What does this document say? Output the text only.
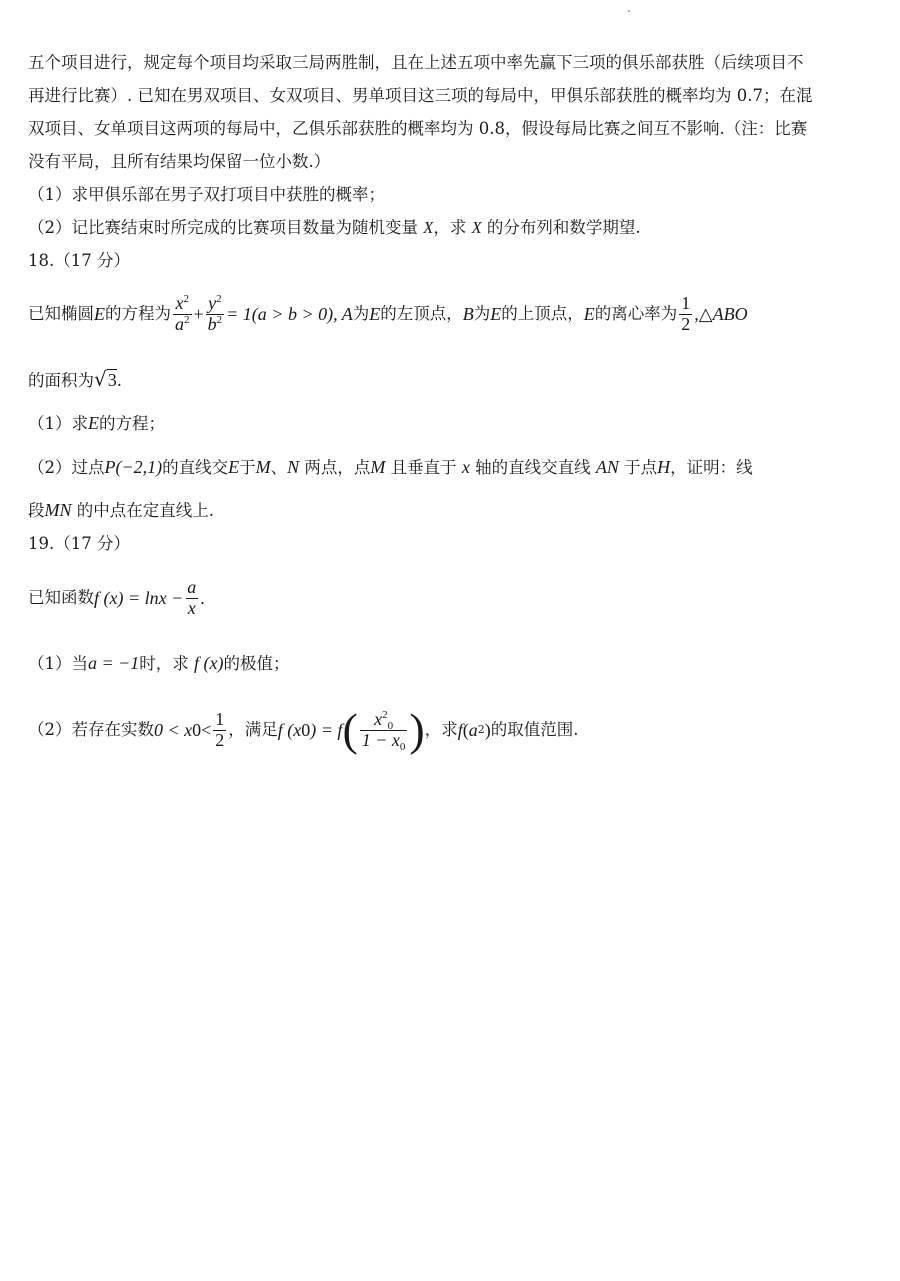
五个项目进行，规定每个项目均采取三局两胜制，且在上述五项中率先赢下三项的俱乐部获胜（后续项目不
再进行比赛）. 已知在男双项目、女双项目、男单项目这三项的每局中，甲俱乐部获胜的概率均为 0.7；在混
双项目、女单项目这两项的每局中，乙俱乐部获胜的概率均为 0.8，假设每局比赛之间互不影响.（注：比赛
没有平局，且所有结果均保留一位小数.）
（1）求甲俱乐部在男子双打项目中获胜的概率；
（2）记比赛结束时所完成的比赛项目数量为随机变量 X，求 X 的分布列和数学期望.
18.（17 分）
已知椭圆 E 的方程为 $\frac{x^2}{a^2} + \frac{y^2}{b^2} = 1(a > b > 0)$, A 为 E 的左顶点， B 为 E 的上顶点， E 的离心率为 $\frac{1}{2}$ ,△ABO
的面积为√3.
（1）求E的方程；
（2）过点P(−2,1)的直线交E于M、N 两点，点M 且垂直于 x 轴的直线交直线 AN 于点H，证明：线
段MN 的中点在定直线上.
19.（17 分）
已知函数 f $(x) = \ln x - \frac{a}{x}$ .
（1）当a = −1时，求 f (x)的极值；
（2）若存在实数 0 < x $0 < \frac{1}{2}$ ，满足 f (x 0 ) = f ( $\frac{x^2_0}{1 - x_0}$ ) ，求 f ( a 2 ) 的取值范围.
